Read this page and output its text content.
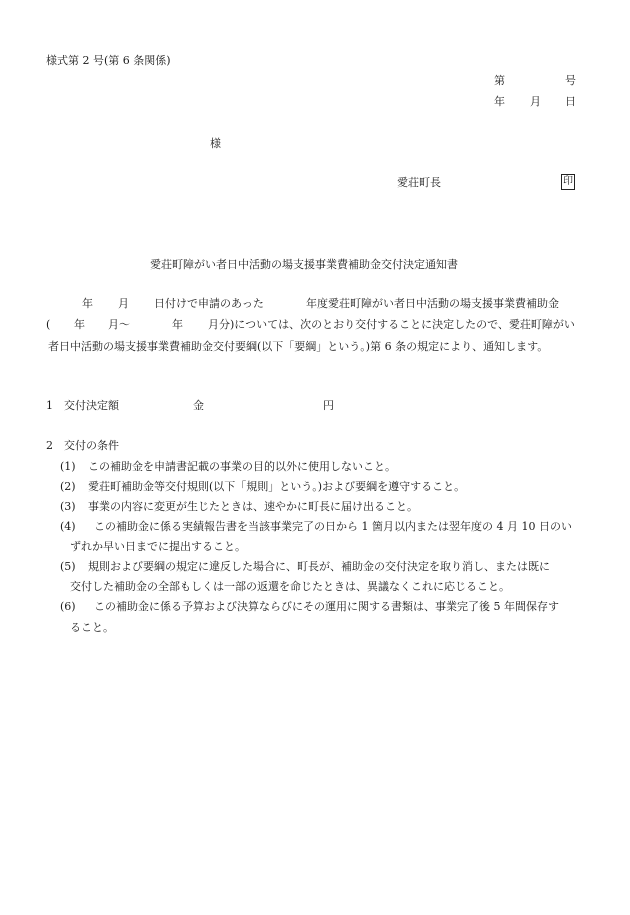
様式第 2 号(第 6 条関係)
第	号
年 月 日
様
愛荘町長	印
愛荘町障がい者日中活動の場支援事業費補助金交付決定通知書
年 月 日付けで申請のあった	年度愛荘町障がい者日中活動の場支援事業費補助金
( 年 月〜	年 月分)については、次のとおり交付することに決定したので、愛荘町障がい
者日中活動の場支援事業費補助金交付要綱(以下「要綱」という。)第 6 条の規定により、通知します。
1　交付決定額	金	円
2　交付の条件
(1) この補助金を申請書記載の事業の目的以外に使用しないこと。
(2) 愛荘町補助金等交付規則(以下「規則」という。)および要綱を遵守すること。
(3) 事業の内容に変更が生じたときは、速やかに町長に届け出ること。
(4) この補助金に係る実績報告書を当該事業完了の日から 1 箇月以内または翌年度の 4 月 10 日のい
ずれか早い日までに提出すること。
(5) 規則および要綱の規定に違反した場合に、町長が、補助金の交付決定を取り消し、または既に
交付した補助金の全部もしくは一部の返還を命じたときは、異議なくこれに応じること。
(6) この補助金に係る予算および決算ならびにその運用に関する書類は、事業完了後 5 年間保存す
ること。
